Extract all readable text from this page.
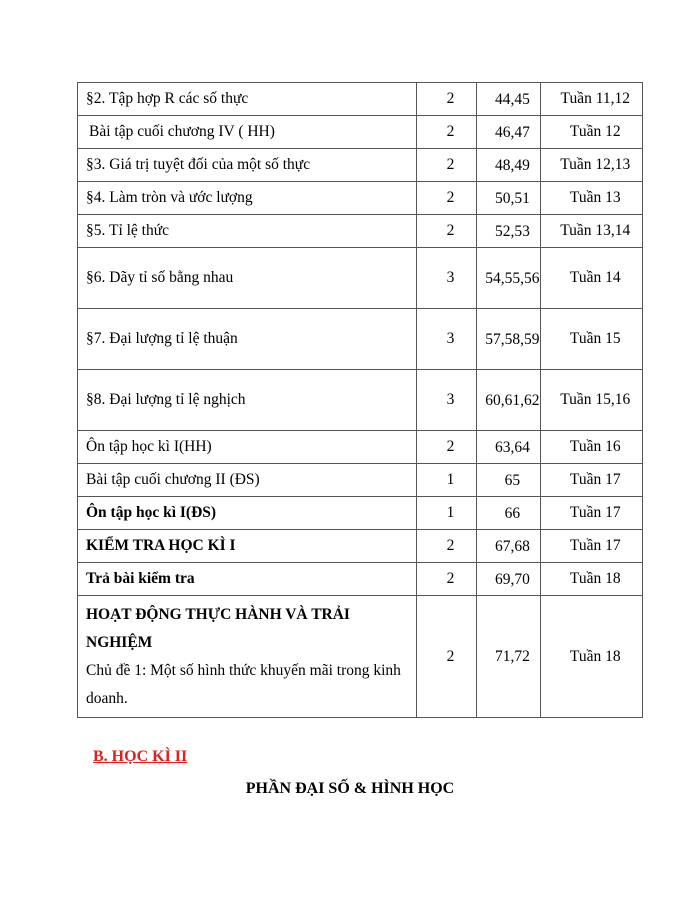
§2. Tập hợp R các số thực	2	44,45	Tuần 11,12
Bài tập cuối chương IV ( HH)	2	46,47	Tuần 12
§3. Giá trị tuyệt đối của một số thực	2	48,49	Tuần 12,13
§4. Làm tròn và ước lượng	2	50,51	Tuần 13
§5. Tỉ lệ thức	2	52,53	Tuần 13,14
§6. Dãy tỉ số bằng nhau	3	54,55,56	Tuần 14
§7. Đại lượng tỉ lệ thuận	3	57,58,59	Tuần 15
§8. Đại lượng tỉ lệ nghịch	3	60,61,62	Tuần 15,16
Ôn tập học kì I(HH)	2	63,64	Tuần 16
Bài tập cuối chương II (ĐS)	1	65	Tuần 17
Ôn tập học kì I(ĐS)	1	66	Tuần 17
KIỂM TRA HỌC KÌ I	2	67,68	Tuần 17
Trả bài kiểm tra	2	69,70	Tuần 18

HOẠT ĐỘNG THỰC HÀNH VÀ TRẢI NGHIỆM
Chủ đề 1: Một số hình thức khuyến mãi trong kinh doanh.	2	71,72	Tuần 18
B. HỌC KÌ II
PHẦN ĐẠI SỐ & HÌNH HỌC
